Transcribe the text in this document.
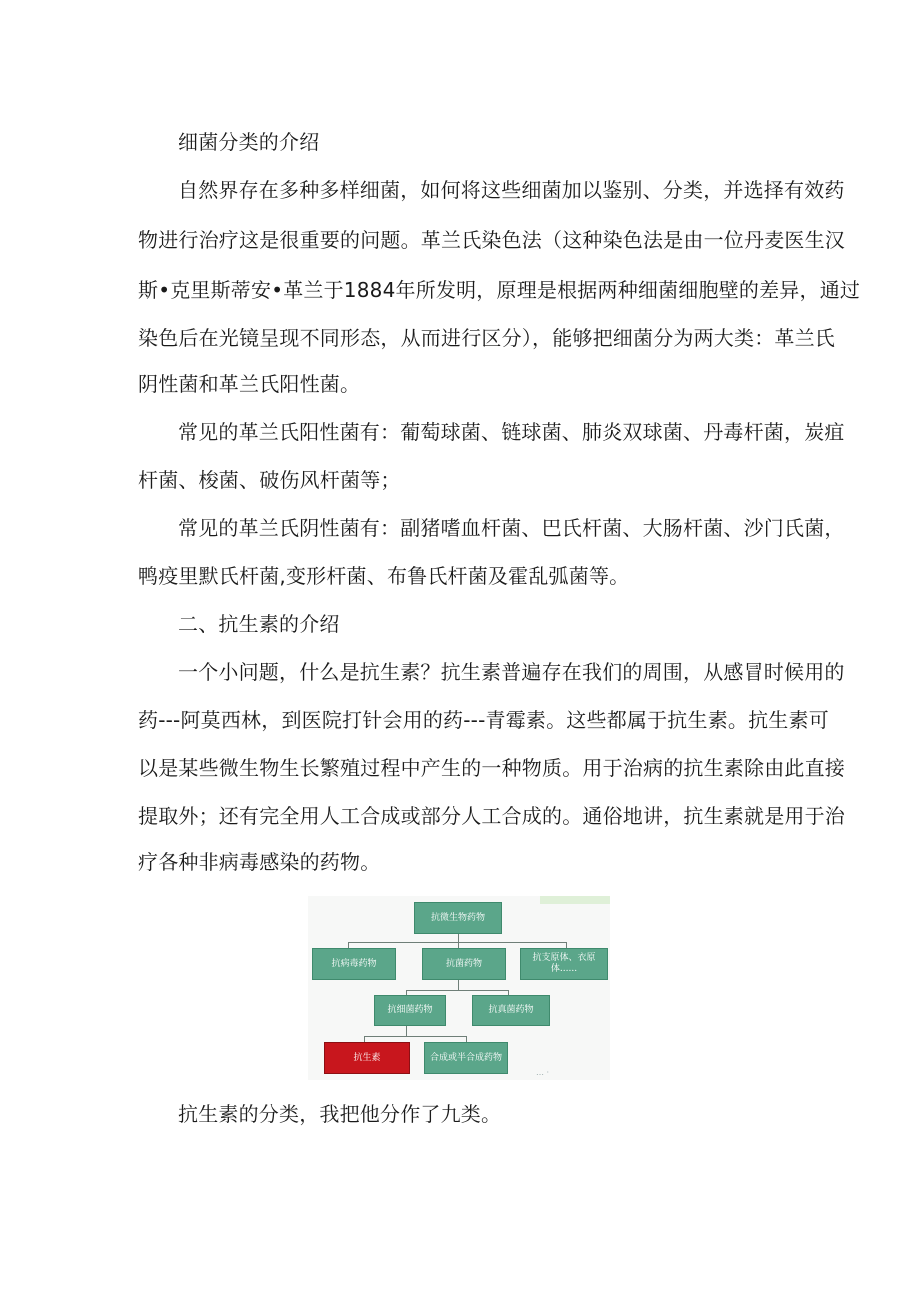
细菌分类的介绍
自然界存在多种多样细菌，如何将这些细菌加以鉴别、分类，并选择有效药
物进行治疗这是很重要的问题。革兰氏染色法（这种染色法是由一位丹麦医生汉
斯•克里斯蒂安•革兰于1884年所发明，原理是根据两种细菌细胞壁的差异，通过
染色后在光镜呈现不同形态，从而进行区分），能够把细菌分为两大类：革兰氏
阴性菌和革兰氏阳性菌。
常见的革兰氏阳性菌有：葡萄球菌、链球菌、肺炎双球菌、丹毒杆菌，炭疽
杆菌、梭菌、破伤风杆菌等；
常见的革兰氏阴性菌有：副猪嗜血杆菌、巴氏杆菌、大肠杆菌、沙门氏菌，
鸭疫里默氏杆菌,变形杆菌、布鲁氏杆菌及霍乱弧菌等。
二、抗生素的介绍
一个小问题，什么是抗生素？抗生素普遍存在我们的周围，从感冒时候用的
药---阿莫西林，到医院打针会用的药---青霉素。这些都属于抗生素。抗生素可
以是某些微生物生长繁殖过程中产生的一种物质。用于治病的抗生素除由此直接
提取外；还有完全用人工合成或部分人工合成的。通俗地讲，抗生素就是用于治
疗各种非病毒感染的药物。
抗微生物药物
抗病毒药物	抗菌药物
抗支原体、衣原体......
抗细菌药物	抗真菌药物
抗生素	合成或半合成药物
… ·
抗生素的分类，我把他分作了九类。
